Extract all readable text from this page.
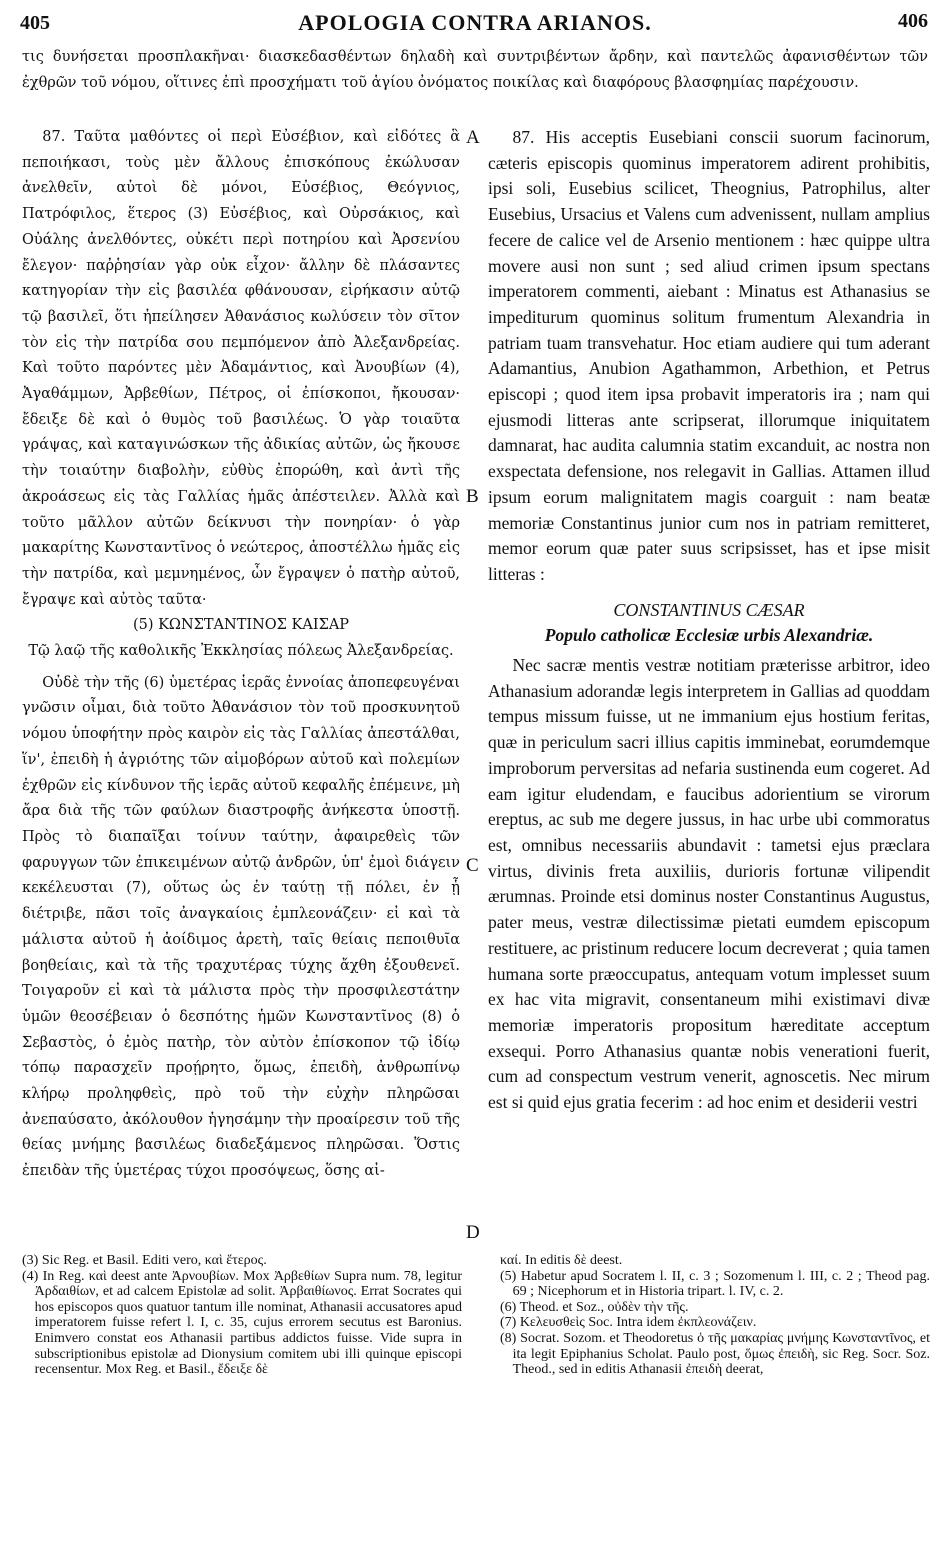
405	APOLOGIA CONTRA ARIANOS.	406

τις δυνήσεται προσπλακῆναι· διασκεδασθέντων δηλαδὴ καὶ συντριβέντων ἄρδην, καὶ παντελῶς ἀφανισθέντων τῶν ἐχθρῶν τοῦ νόμου, οἵτινες ἐπὶ προσχήματι τοῦ ἁγίου ὀνόματος ποικίλας καὶ διαφόρους βλασφημίας παρέχουσιν.

87. Ταῦτα μαθόντες οἱ περὶ Εὐσέβιον, καὶ εἰδότες ἃ πεποιήκασι, τοὺς μὲν ἄλλους ἐπισκόπους ἐκώλυσαν ἀνελθεῖν, αὐτοὶ δὲ μόνοι, Εὐσέβιος, Θεόγνιος, Πατρόφιλος, ἕτερος (3) Εὐσέβιος, καὶ Οὐρσάκιος, καὶ Οὐάλης ἀνελθόντες, οὐκέτι περὶ ποτηρίου καὶ Ἀρσενίου ἔλεγον· παῤῥησίαν γὰρ οὐκ εἶχον· ἄλλην δὲ πλάσαντες κατηγορίαν τὴν εἰς βασιλέα φθάνουσαν, εἰρήκασιν αὐτῷ τῷ βασιλεῖ, ὅτι ἠπείλησεν Ἀθανάσιος κωλύσειν τὸν σῖτον τὸν εἰς τὴν πατρίδα σου πεμπόμενον ἀπὸ Ἀλεξανδρείας. Καὶ τοῦτο παρόντες μὲν Ἀδαμάντιος, καὶ Ἀνουβίων (4), Ἀγαθάμμων, Ἀρβεθίων, Πέτρος, οἱ ἐπίσκοποι, ἤκουσαν· ἔδειξε δὲ καὶ ὁ θυμὸς τοῦ βασιλέως. Ὁ γὰρ τοιαῦτα γράψας, καὶ καταγινώσκων τῆς ἀδικίας αὐτῶν, ὡς ἤκουσε τὴν τοιαύτην διαβολὴν, εὐθὺς ἐπορώθη, καὶ ἀντὶ τῆς ἀκροάσεως εἰς τὰς Γαλλίας ἡμᾶς ἀπέστειλεν. Ἀλλὰ καὶ τοῦτο μᾶλλον αὐτῶν δείκνυσι τὴν πονηρίαν· ὁ γὰρ μακαρίτης Κωνσταντῖνος ὁ νεώτερος, ἀποστέλλω ἡμᾶς εἰς τὴν πατρίδα, καὶ μεμνημένος, ὧν ἔγραψεν ὁ πατὴρ αὐτοῦ, ἔγραψε καὶ αὐτὸς ταῦτα·

(5) ΚΩΝΣΤΑΝΤΙΝΟΣ ΚΑΙΣΑΡ

Τῷ λαῷ τῆς καθολικῆς Ἐκκλησίας πόλεως Ἀλεξανδρείας.

Οὐδὲ τὴν τῆς (6) ὑμετέρας ἱερᾶς ἐννοίας ἀποπεφευγέναι γνῶσιν οἶμαι, διὰ τοῦτο Ἀθανάσιον τὸν τοῦ προσκυνητοῦ νόμου ὑποφήτην πρὸς καιρὸν εἰς τὰς Γαλλίας ἀπεστάλθαι, ἵν', ἐπειδὴ ἡ ἀγριότης τῶν αἱμοβόρων αὐτοῦ καὶ πολεμίων ἐχθρῶν εἰς κίνδυνον τῆς ἱερᾶς αὐτοῦ κεφαλῆς ἐπέμεινε, μὴ ἄρα διὰ τῆς τῶν φαύλων διαστροφῆς ἀνήκεστα ὑποστῇ. Πρὸς τὸ διαπαῖξαι τοίνυν ταύτην, ἀφαιρεθεὶς τῶν φαρυγγων τῶν ἐπικειμένων αὐτῷ ἀνδρῶν, ὑπ' ἐμοὶ διάγειν κεκέλευσται (7), οὕτως ὡς ἐν ταύτῃ τῇ πόλει, ἐν ᾗ διέτριβε, πᾶσι τοῖς ἀναγκαίοις ἐμπλεονάζειν· εἰ καὶ τὰ μάλιστα αὐτοῦ ἡ ἀοίδιμος ἀρετὴ, ταῖς θείαις πεποιθυῖα βοηθείαις, καὶ τὰ τῆς τραχυτέρας τύχης ἄχθη ἐξουθενεῖ. Τοιγαροῦν εἰ καὶ τὰ μάλιστα πρὸς τὴν προσφιλεστάτην ὑμῶν θεοσέβειαν ὁ δεσπότης ἡμῶν Κωνσταντῖνος (8) ὁ Σεβαστὸς, ὁ ἐμὸς πατὴρ, τὸν αὐτὸν ἐπίσκοπον τῷ ἰδίῳ τόπῳ παρασχεῖν προῄρητο, ὅμως, ἐπειδὴ, ἀνθρωπίνῳ κλήρῳ προληφθεὶς, πρὸ τοῦ τὴν εὐχὴν πληρῶσαι ἀνεπαύσατο, ἀκόλουθον ἡγησάμην τὴν προαίρεσιν τοῦ τῆς θείας μνήμης βασιλέως διαδεξάμενος πληρῶσαι. Ὅστις ἐπειδὰν τῆς ὑμετέρας τύχοι προσόψεως, ὅσης αἰ-

87. His acceptis Eusebiani conscii suorum facinorum, cæteris episcopis quominus imperatorem adirent prohibitis, ipsi soli, Eusebius scilicet, Theognius, Patrophilus, alter Eusebius, Ursacius et Valens cum advenissent, nullam amplius fecere de calice vel de Arsenio mentionem : hæc quippe ultra movere ausi non sunt ; sed aliud crimen ipsum spectans imperatorem commenti, aiebant : Minatus est Athanasius se impediturum quominus solitum frumentum Alexandria in patriam tuam transvehatur. Hoc etiam audiere qui tum aderant Adamantius, Anubion Agathammon, Arbethion, et Petrus episcopi ; quod item ipsa probavit imperatoris ira ; nam qui ejusmodi litteras ante scripserat, illorumque iniquitatem damnarat, hac audita calumnia statim excanduit, ac nostra non exspectata defensione, nos relegavit in Gallias. Attamen illud ipsum eorum malignitatem magis coarguit : nam beatæ memoriæ Constantinus junior cum nos in patriam remitteret, memor eorum quæ pater suus scripsisset, has et ipse misit litteras :

CONSTANTINUS CÆSAR

Populo catholicæ Ecclesiæ urbis Alexandriæ.

Nec sacræ mentis vestræ notitiam præterisse arbitror, ideo Athanasium adorandæ legis interpretem in Gallias ad quoddam tempus missum fuisse, ut ne immanium ejus hostium feritas, quæ in periculum sacri illius capitis imminebat, eorumdemque improborum perversitas ad nefaria sustinenda eum cogeret. Ad eam igitur eludendam, e faucibus adorientium se virorum ereptus, ac sub me degere jussus, in hac urbe ubi commoratus est, omnibus necessariis abundavit : tametsi ejus præclara virtus, divinis freta auxiliis, durioris fortunæ vilipendit ærumnas. Proinde etsi dominus noster Constantinus Augustus, pater meus, vestræ dilectissimæ pietati eumdem episcopum restituere, ac pristinum reducere locum decreverat ; quia tamen humana sorte præoccupatus, antequam votum implesset suum ex hac vita migravit, consentaneum mihi existimavi divæ memoriæ imperatoris propositum hæreditate acceptum exsequi. Porro Athanasius quantæ nobis venerationi fuerit, cum ad conspectum vestrum venerit, agnoscetis. Nec mirum est si quid ejus gratia fecerim : ad hoc enim et desiderii vestri

A
B
C
D

(3) Sic Reg. et Basil. Editi vero, καὶ ἕτερος.

(4) In Reg. καὶ deest ante Ἀρνουβίων. Mox Ἀρβεθίων Supra num. 78, legitur Ἀρδαιθίων, et ad calcem Epistolæ ad solit. Ἀρβαιθίωνος. Errat Socrates qui hos episcopos quos quatuor tantum ille nominat, Athanasii accusatores apud imperatorem fuisse refert l. I, c. 35, cujus errorem secutus est Baronius. Enimvero constat eos Athanasii partibus addictos fuisse. Vide supra in subscriptionibus epistolæ ad Dionysium comitem ubi illi quinque episcopi recensentur. Mox Reg. et Basil., ἔδειξε δὲ

καί. In editis δὲ deest.

(5) Habetur apud Socratem l. II, c. 3 ; Sozomenum l. III, c. 2 ; Theod pag. 69 ; Nicephorum et in Historia tripart. l. IV, c. 2.

(6) Theod. et Soz., οὐδὲν τὴν τῆς.

(7) Κελευσθεὶς Soc. Intra idem ἐκπλεονάζειν.

(8) Socrat. Sozom. et Theodoretus ὁ τῆς μακαρίας μνήμης Κωνσταντῖνος, et ita legit Epiphanius Scholat. Paulo post, ὅμως ἐπειδὴ, sic Reg. Socr. Soz. Theod., sed in editis Athanasii ἐπειδὴ deerat,
